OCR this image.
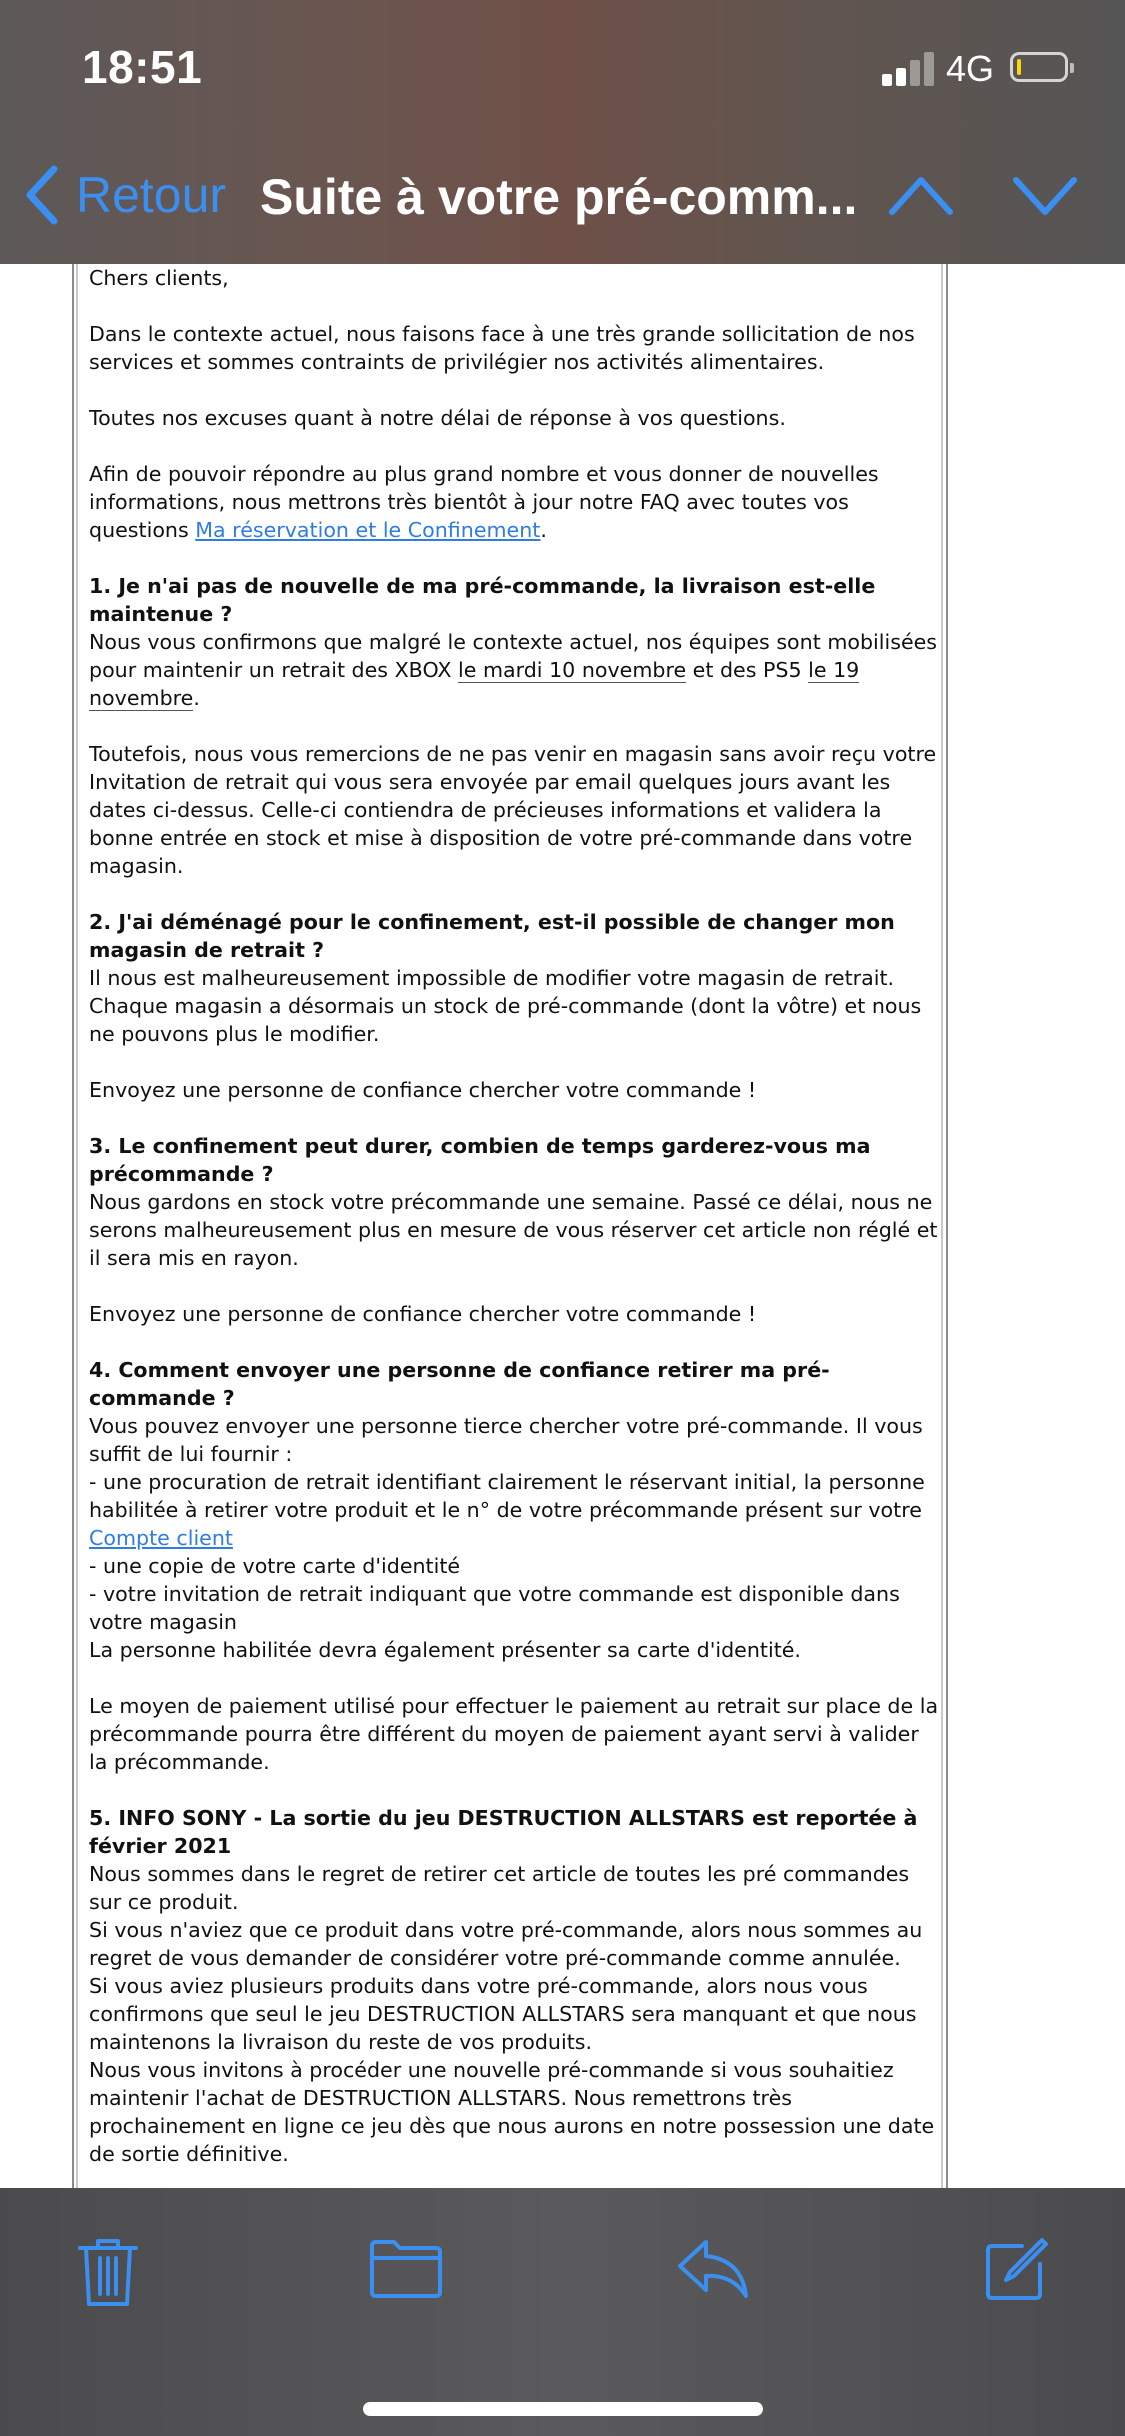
18:51	4G
Retour Suite à votre pré-comm...

Chers clients,

Dans le contexte actuel, nous faisons face à une très grande sollicitation de nos services et sommes contraints de privilégier nos activités alimentaires.

Toutes nos excuses quant à notre délai de réponse à vos questions.

Afin de pouvoir répondre au plus grand nombre et vous donner de nouvelles informations, nous mettrons très bientôt à jour notre FAQ avec toutes vos questions Ma réservation et le Confinement.

1. Je n'ai pas de nouvelle de ma pré-commande, la livraison est-elle maintenue ?

Nous vous confirmons que malgré le contexte actuel, nos équipes sont mobilisées pour maintenir un retrait des XBOX le mardi 10 novembre et des PS5 le 19 novembre.

Toutefois, nous vous remercions de ne pas venir en magasin sans avoir reçu votre Invitation de retrait qui vous sera envoyée par email quelques jours avant les dates ci-dessus. Celle-ci contiendra de précieuses informations et validera la bonne entrée en stock et mise à disposition de votre pré-commande dans votre magasin.

2. J'ai déménagé pour le confinement, est-il possible de changer mon magasin de retrait ?

Il nous est malheureusement impossible de modifier votre magasin de retrait. Chaque magasin a désormais un stock de pré-commande (dont la vôtre) et nous ne pouvons plus le modifier.

Envoyez une personne de confiance chercher votre commande !

3. Le confinement peut durer, combien de temps garderez-vous ma précommande ?

Nous gardons en stock votre précommande une semaine. Passé ce délai, nous ne serons malheureusement plus en mesure de vous réserver cet article non réglé et il sera mis en rayon.

Envoyez une personne de confiance chercher votre commande !

4. Comment envoyer une personne de confiance retirer ma pré-commande ?
Vous pouvez envoyer une personne tierce chercher votre pré-commande. Il vous suffit de lui fournir :
- une procuration de retrait identifiant clairement le réservant initial, la personne habilitée à retirer votre produit et le n° de votre précommande présent sur votre Compte client
- une copie de votre carte d'identité
- votre invitation de retrait indiquant que votre commande est disponible dans votre magasin

La personne habilitée devra également présenter sa carte d'identité.

Le moyen de paiement utilisé pour effectuer le paiement au retrait sur place de la précommande pourra être différent du moyen de paiement ayant servi à valider la précommande.

5. INFO SONY - La sortie du jeu DESTRUCTION ALLSTARS est reportée à février 2021
Nous sommes dans le regret de retirer cet article de toutes les pré commandes sur ce produit.
Si vous n'aviez que ce produit dans votre pré-commande, alors nous sommes au regret de vous demander de considérer votre pré-commande comme annulée.
Si vous aviez plusieurs produits dans votre pré-commande, alors nous vous confirmons que seul le jeu DESTRUCTION ALLSTARS sera manquant et que nous maintenons la livraison du reste de vos produits.
Nous vous invitons à procéder une nouvelle pré-commande si vous souhaitiez maintenir l'achat de DESTRUCTION ALLSTARS. Nous remettrons très prochainement en ligne ce jeu dès que nous aurons en notre possession une date de sortie définitive.
